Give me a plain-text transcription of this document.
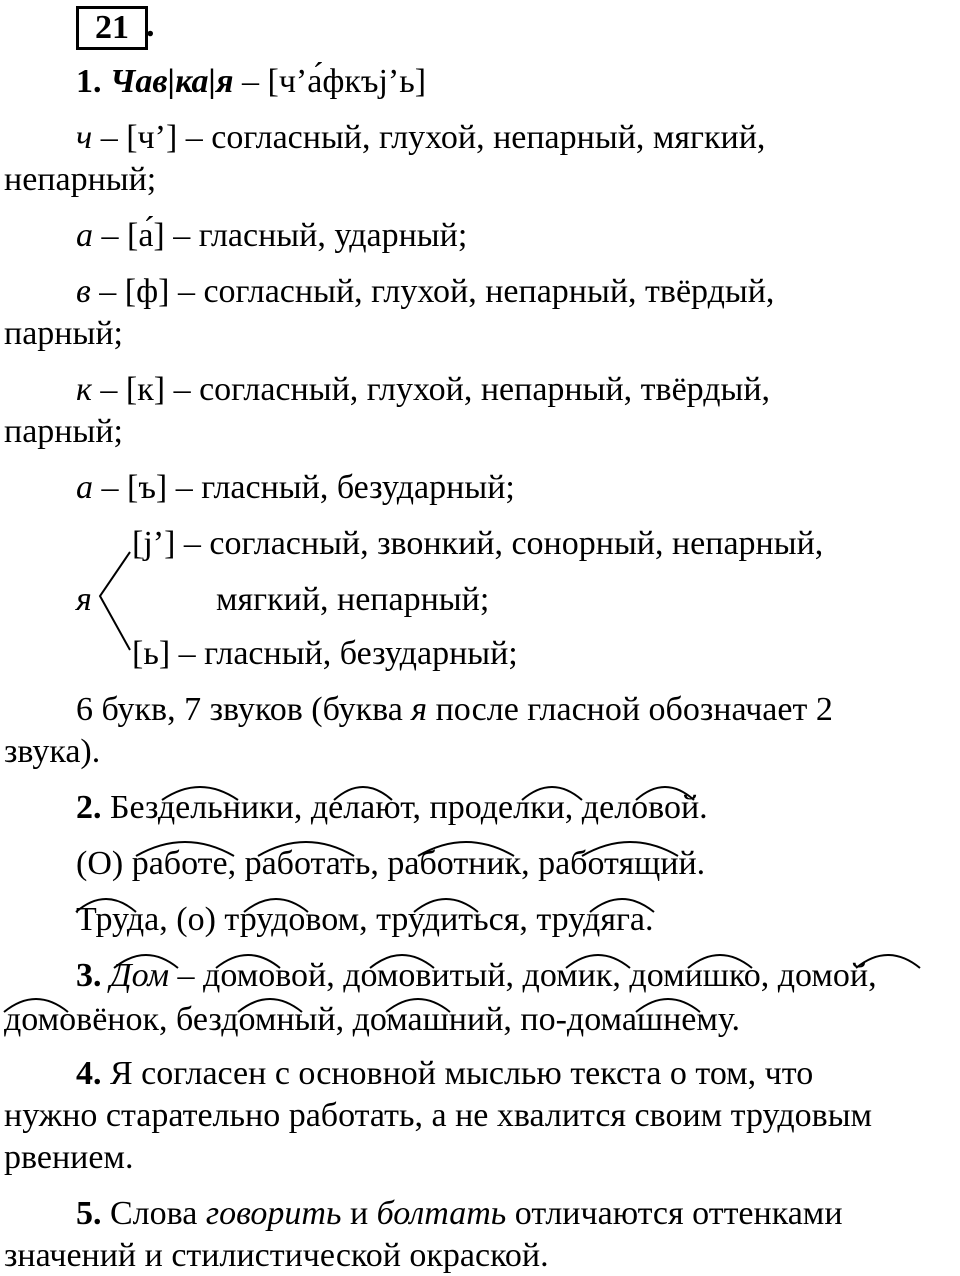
21 .
1. Чав|ка|я – [ч’а́фкъj’ь]
ч – [ч’] – согласный, глухой, непарный, мягкий,
непарный;
а – [а́] – гласный, ударный;
в – [ф] – согласный, глухой, непарный, твёрдый,
парный;
к – [к] – согласный, глухой, непарный, твёрдый,
парный;
а – [ъ] – гласный, безударный;
[j’] – согласный, звонкий, сонорный, непарный,
я	мягкий, непарный;
[ь] – гласный, безударный;
6 букв, 7 звуков (буква я после гласной обозначает 2
звука).
2. Бездельники, делают, проделки, деловой.
(О) работе, работать, работник, работящий.
Труда, (о) трудовом, трудиться, трудяга.
3. Дом – домовой, домовитый, домик, домишко, домой,
домовёнок, бездомный, домашний, по-домашнему.
4. Я согласен с основной мыслью текста о том, что
нужно старательно работать, а не хвалится своим трудовым
рвением.
5. Слова говорить и болтать отличаются оттенками
значений и стилистической окраской.
